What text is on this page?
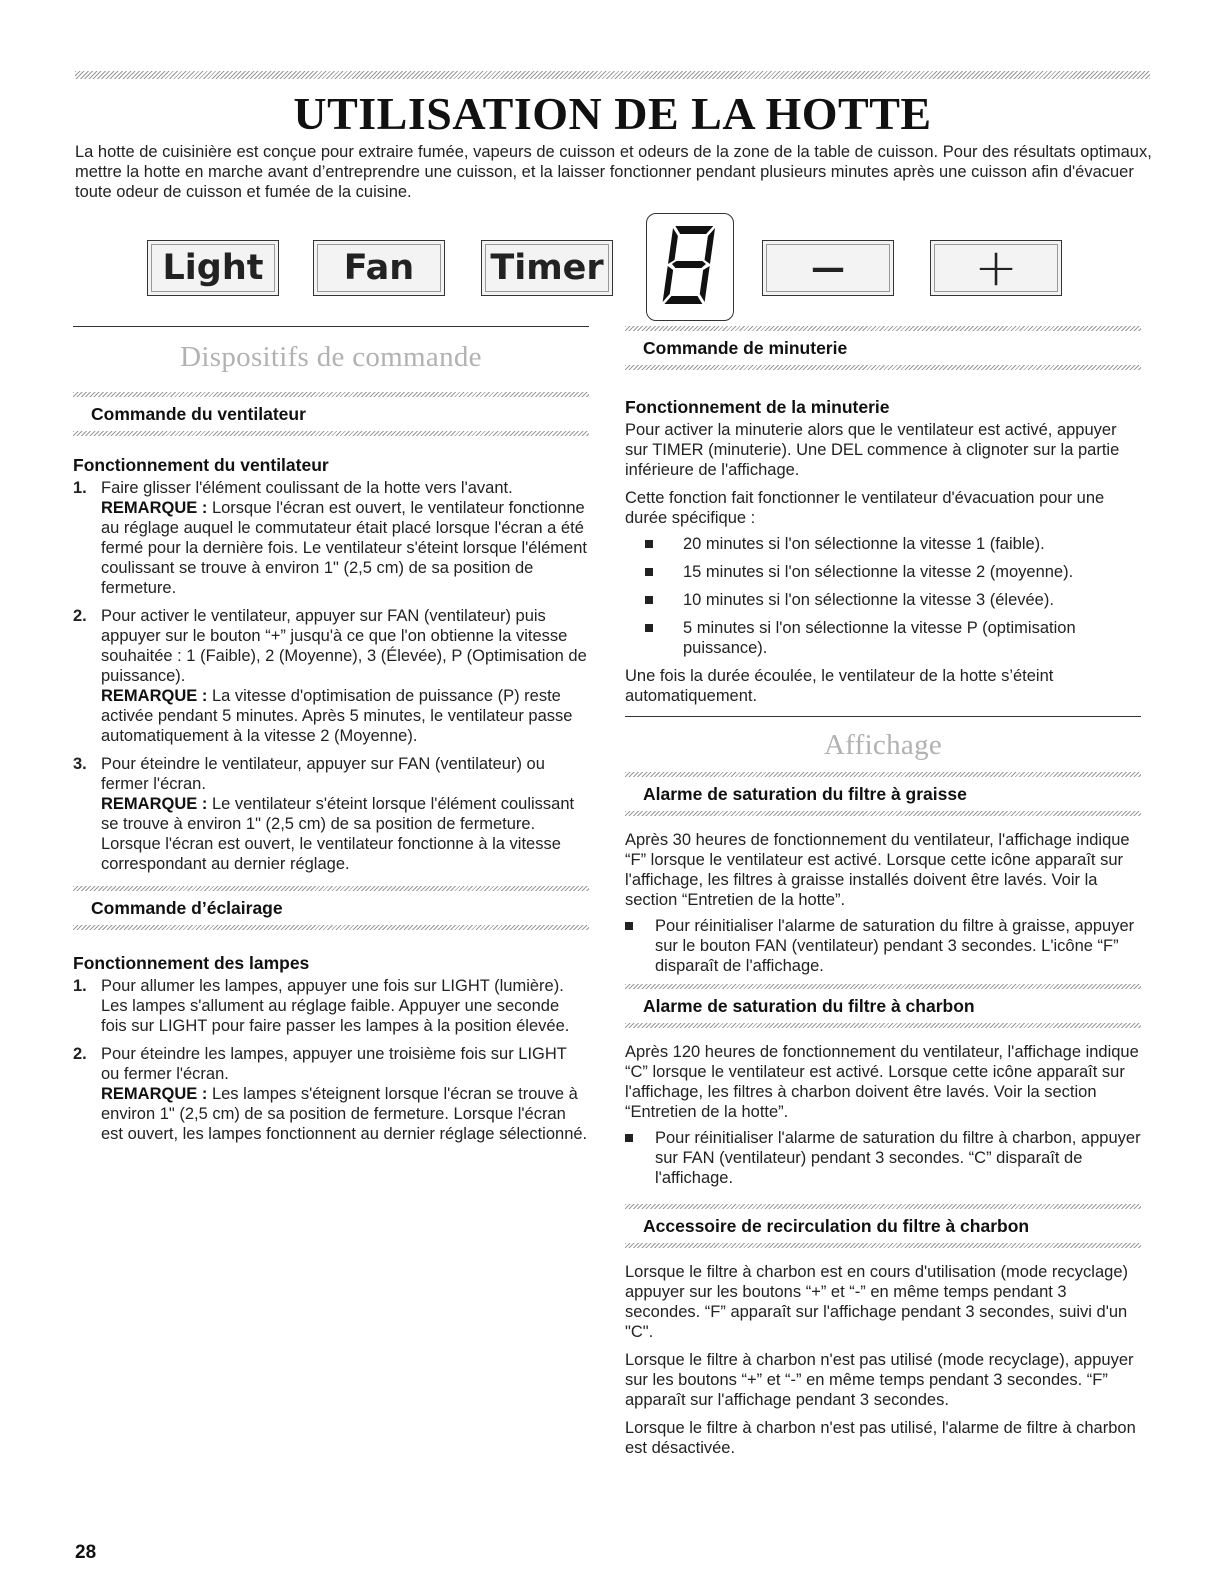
UTILISATION DE LA HOTTE

La hotte de cuisinière est conçue pour extraire fumée, vapeurs de cuisson et odeurs de la zone de la table de cuisson. Pour des résultats optimaux, mettre la hotte en marche avant d’entreprendre une cuisson, et la laisser fonctionner pendant plusieurs minutes après une cuisson afin d'évacuer toute odeur de cuisson et fumée de la cuisine.

Light Fan Timer	— +
Dispositifs de commande
Commande du ventilateur
Fonctionnement du ventilateur
1. Faire glisser l'élément coulissant de la hotte vers l'avant.

REMARQUE : Lorsque l'écran est ouvert, le ventilateur fonctionne au réglage auquel le commutateur était placé lorsque l'écran a été fermé pour la dernière fois. Le ventilateur s'éteint lorsque l'élément coulissant se trouve à environ 1" (2,5 cm) de sa position de fermeture.

2. Pour activer le ventilateur, appuyer sur FAN (ventilateur) puis appuyer sur le bouton “+” jusqu'à ce que l'on obtienne la vitesse souhaitée : 1 (Faible), 2 (Moyenne), 3 (Élevée), P (Optimisation de puissance).

REMARQUE : La vitesse d'optimisation de puissance (P) reste activée pendant 5 minutes. Après 5 minutes, le ventilateur passe automatiquement à la vitesse 2 (Moyenne).

3. Pour éteindre le ventilateur, appuyer sur FAN (ventilateur) ou fermer l'écran.

REMARQUE : Le ventilateur s'éteint lorsque l'élément coulissant se trouve à environ 1" (2,5 cm) de sa position de fermeture. Lorsque l'écran est ouvert, le ventilateur fonctionne à la vitesse correspondant au dernier réglage.

Commande d’éclairage
Fonctionnement des lampes
1. Pour allumer les lampes, appuyer une fois sur LIGHT (lumière). Les lampes s'allument au réglage faible. Appuyer une seconde fois sur LIGHT pour faire passer les lampes à la position élevée.

2. Pour éteindre les lampes, appuyer une troisième fois sur LIGHT ou fermer l'écran.

REMARQUE : Les lampes s'éteignent lorsque l'écran se trouve à environ 1" (2,5 cm) de sa position de fermeture. Lorsque l'écran est ouvert, les lampes fonctionnent au dernier réglage sélectionné.

Commande de minuterie
Fonctionnement de la minuterie

Pour activer la minuterie alors que le ventilateur est activé, appuyer sur TIMER (minuterie). Une DEL commence à clignoter sur la partie inférieure de l'affichage.

Cette fonction fait fonctionner le ventilateur d'évacuation pour une durée spécifique :

20 minutes si l'on sélectionne la vitesse 1 (faible).
15 minutes si l'on sélectionne la vitesse 2 (moyenne).
10 minutes si l'on sélectionne la vitesse 3 (élevée).
5 minutes si l'on sélectionne la vitesse P (optimisation puissance).

Une fois la durée écoulée, le ventilateur de la hotte s’éteint automatiquement.

Affichage
Alarme de saturation du filtre à graisse

Après 30 heures de fonctionnement du ventilateur, l'affichage indique “F” lorsque le ventilateur est activé. Lorsque cette icône apparaît sur l'affichage, les filtres à graisse installés doivent être lavés. Voir la section “Entretien de la hotte”.

Pour réinitialiser l'alarme de saturation du filtre à graisse, appuyer sur le bouton FAN (ventilateur) pendant 3 secondes. L'icône “F” disparaît de l'affichage.
Alarme de saturation du filtre à charbon

Après 120 heures de fonctionnement du ventilateur, l'affichage indique “C” lorsque le ventilateur est activé. Lorsque cette icône apparaît sur l'affichage, les filtres à charbon doivent être lavés. Voir la section “Entretien de la hotte”.

Pour réinitialiser l'alarme de saturation du filtre à charbon, appuyer sur FAN (ventilateur) pendant 3 secondes. “C” disparaît de l'affichage.
Accessoire de recirculation du filtre à charbon

Lorsque le filtre à charbon est en cours d'utilisation (mode recyclage) appuyer sur les boutons “+” et “-” en même temps pendant 3 secondes. “F” apparaît sur l'affichage pendant 3 secondes, suivi d'un "C".

Lorsque le filtre à charbon n'est pas utilisé (mode recyclage), appuyer sur les boutons “+” et “-” en même temps pendant 3 secondes. “F” apparaît sur l'affichage pendant 3 secondes.

Lorsque le filtre à charbon n'est pas utilisé, l'alarme de filtre à charbon est désactivée.

28
